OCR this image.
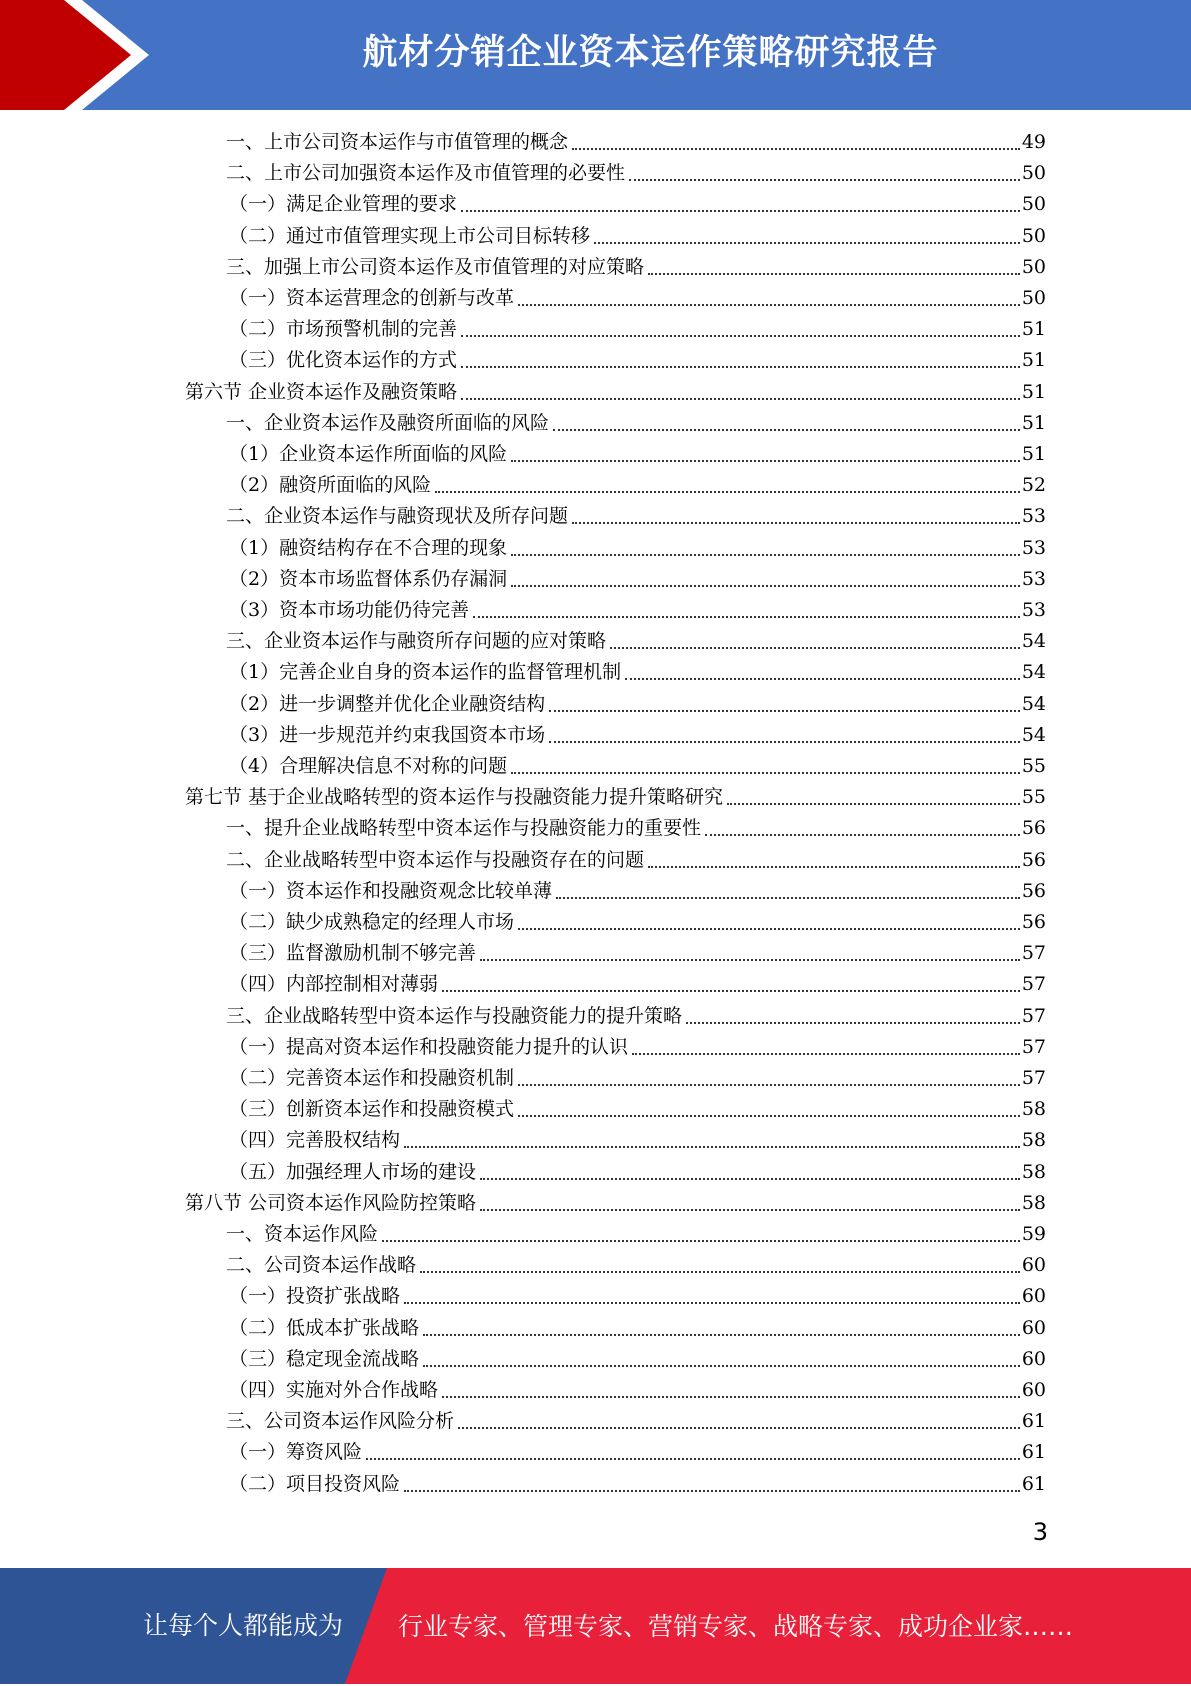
航材分销企业资本运作策略研究报告
一、上市公司资本运作与市值管理的概念	49
二、上市公司加强资本运作及市值管理的必要性	50
（一）满足企业管理的要求	50
（二）通过市值管理实现上市公司目标转移	50
三、加强上市公司资本运作及市值管理的对应策略	50
（一）资本运营理念的创新与改革	50
（二）市场预警机制的完善	51
（三）优化资本运作的方式	51
第六节 企业资本运作及融资策略	51
一、企业资本运作及融资所面临的风险	51
（1）企业资本运作所面临的风险	51
（2）融资所面临的风险	52
二、企业资本运作与融资现状及所存问题	53
（1）融资结构存在不合理的现象	53
（2）资本市场监督体系仍存漏洞	53
（3）资本市场功能仍待完善	53
三、企业资本运作与融资所存问题的应对策略	54
（1）完善企业自身的资本运作的监督管理机制	54
（2）进一步调整并优化企业融资结构	54
（3）进一步规范并约束我国资本市场	54
（4）合理解决信息不对称的问题	55
第七节 基于企业战略转型的资本运作与投融资能力提升策略研究	55
一、提升企业战略转型中资本运作与投融资能力的重要性	56
二、企业战略转型中资本运作与投融资存在的问题	56
（一）资本运作和投融资观念比较单薄	56
（二）缺少成熟稳定的经理人市场	56
（三）监督激励机制不够完善	57
（四）内部控制相对薄弱	57
三、企业战略转型中资本运作与投融资能力的提升策略	57
（一）提高对资本运作和投融资能力提升的认识	57
（二）完善资本运作和投融资机制	57
（三）创新资本运作和投融资模式	58
（四）完善股权结构	58
（五）加强经理人市场的建设	58
第八节 公司资本运作风险防控策略	58
一、资本运作风险	59
二、公司资本运作战略	60
（一）投资扩张战略	60
（二）低成本扩张战略	60
（三）稳定现金流战略	60
（四）实施对外合作战略	60
三、公司资本运作风险分析	61
（一）筹资风险	61
（二）项目投资风险	61
3
让每个人都能成为 行业专家、管理专家、营销专家、战略专家、成功企业家……
